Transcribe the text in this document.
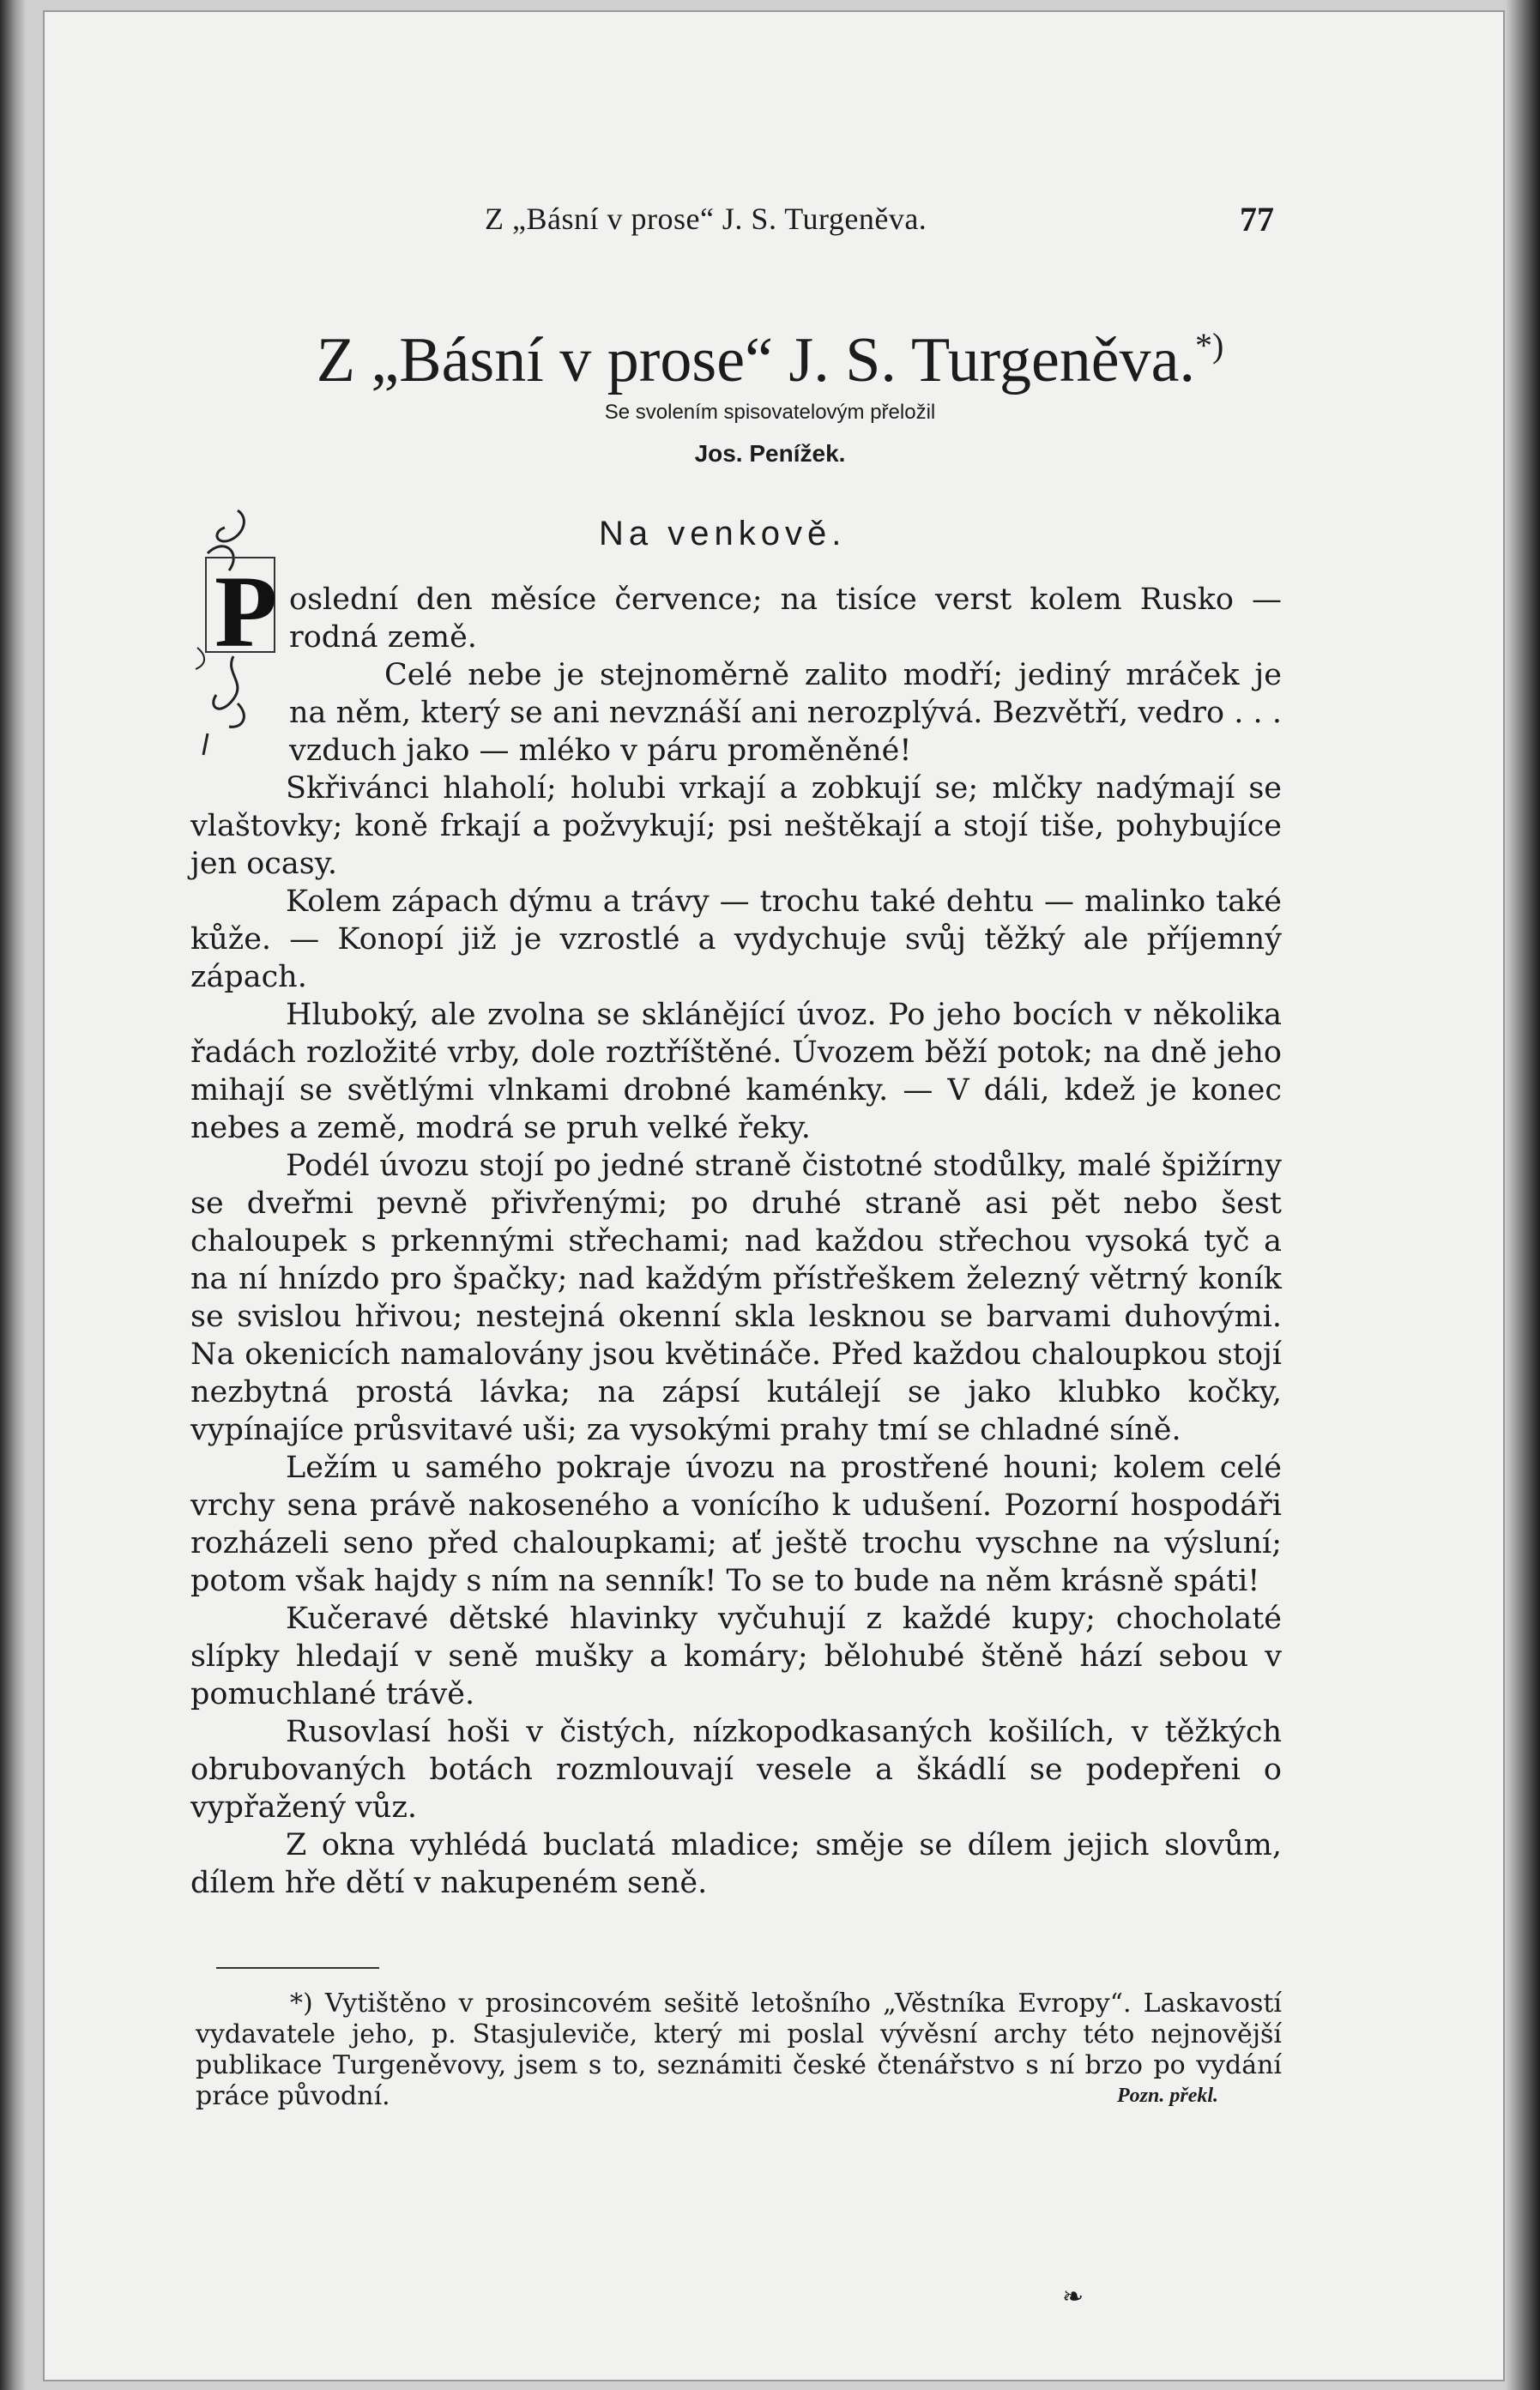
Z „Básní v prose“ J. S. Turgeněva.	77
Z „Básní v prose“ J. S. Turgeněva.*)
Se svolením spisovatelovým přeložil
Jos. Penížek.
Na venkově.
P oslední den měsíce července; na tisíce verst kolem Rusko — rodná země.

Celé nebe je stejnoměrně zalito modří; jediný mráček je na něm, který se ani nevznáší ani nerozplývá. Bezvětří, vedro . . . vzduch jako — mléko v páru proměněné!

Skřivánci hlaholí; holubi vrkají a zobkují se; mlčky nadýmají se vlaštovky; koně frkají a požvykují; psi neštěkají a stojí tiše, pohybujíce jen ocasy.

Kolem zápach dýmu a trávy — trochu také dehtu — malinko také kůže. — Konopí již je vzrostlé a vydychuje svůj těžký ale příjemný zápach.

Hluboký, ale zvolna se sklánějící úvoz. Po jeho bocích v několika řadách rozložité vrby, dole roztříštěné. Úvozem běží potok; na dně jeho mihají se světlými vlnkami drobné kaménky. — V dáli, kdež je konec nebes a země, modrá se pruh velké řeky.

Podél úvozu stojí po jedné straně čistotné stodůlky, malé špižírny se dveřmi pevně přivřenými; po druhé straně asi pět nebo šest chaloupek s prkennými střechami; nad každou střechou vysoká tyč a na ní hnízdo pro špačky; nad každým přístřeškem železný větrný koník se svislou hřivou; nestejná okenní skla lesknou se barvami duhovými. Na okenicích namalovány jsou květináče. Před každou chaloupkou stojí nezbytná prostá lávka; na zápsí kutálejí se jako klubko kočky, vypínajíce průsvitavé uši; za vysokými prahy tmí se chladné síně.

Ležím u samého pokraje úvozu na prostřené houni; kolem celé vrchy sena právě nakoseného a vonícího k udušení. Pozorní hospodáři rozházeli seno před chaloupkami; ať ještě trochu vyschne na výsluní; potom však hajdy s ním na senník! To se to bude na něm krásně spáti!

Kučeravé dětské hlavinky vyčuhují z každé kupy; chocholaté slípky hledají v seně mušky a komáry; bělohubé štěně hází sebou v pomuchlané trávě.

Rusovlasí hoši v čistých, nízkopodkasaných košilích, v těžkých obrubovaných botách rozmlouvají vesele a škádlí se podepřeni o vypřažený vůz.

Z okna vyhlédá buclatá mladice; směje se dílem jejich slovům, dílem hře dětí v nakupeném seně.

*) Vytištěno v prosincovém sešitě letošního „Věstníka Evropy“. Laskavostí vydavatele jeho, p. Stasjuleviče, který mi poslal vývěsní archy této nejnovější publikace Turgeněvovy, jsem s to, seznámiti české čtenářstvo s ní brzo po vydání práce původní.	Pozn. překl.
❧
